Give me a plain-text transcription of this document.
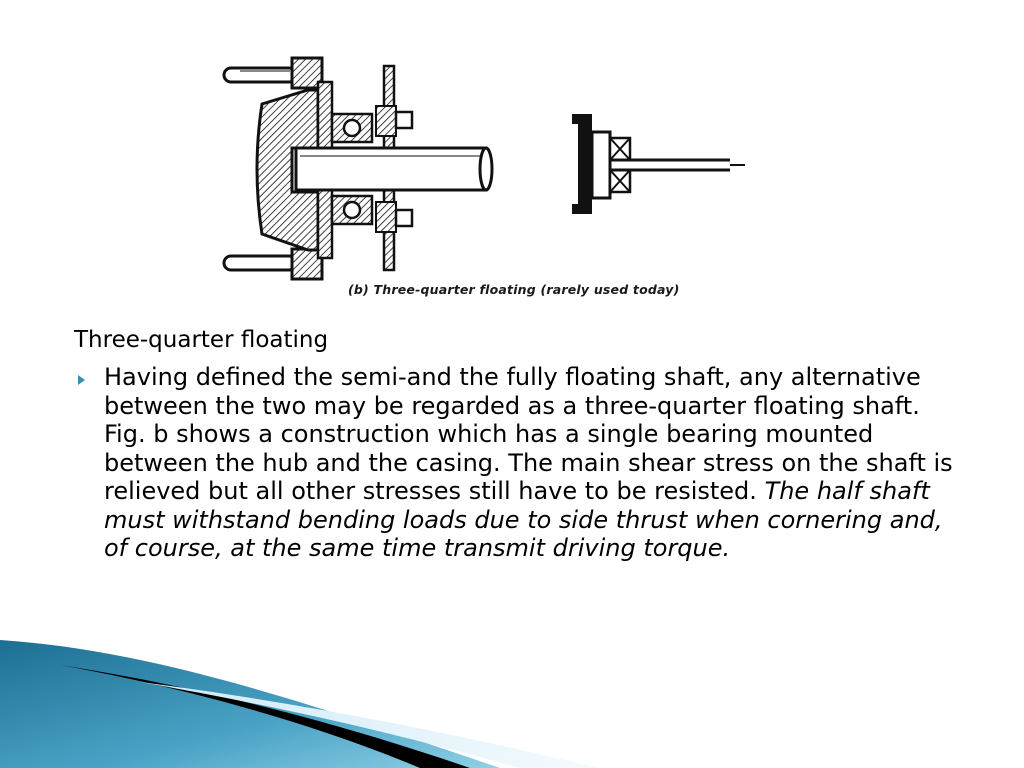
(b) Three-quarter floating (rarely used today)
Three-quarter floating

Having defined the semi-and the fully floating shaft, any alternative between the two may be regarded as a three-quarter floating shaft. Fig. b shows a construction which has a single bearing mounted between the hub and the casing. The main shear stress on the shaft is relieved but all other stresses still have to be resisted. The half shaft must withstand bending loads due to side thrust when cornering and, of course, at the same time transmit driving torque.
